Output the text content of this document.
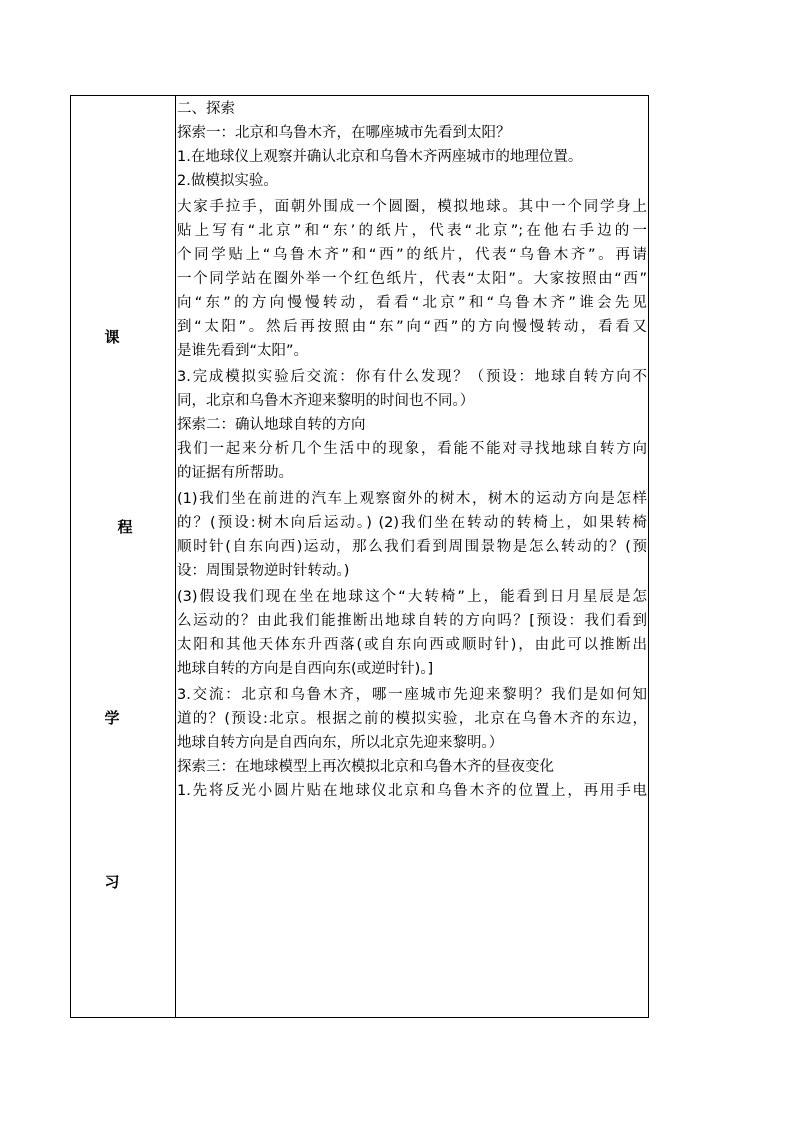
课
程
学
习
二、探索
探索一：北京和乌鲁木齐，在哪座城市先看到太阳？
1.在地球仪上观察并确认北京和乌鲁木齐两座城市的地理位置。
2.做模拟实验。
大家手拉手，面朝外围成一个圆圈，模拟地球。其中一个同学身上
贴上写有“北京”和“东’的纸片，代表“北京”;在他右手边的一
个同学贴上“乌鲁木齐”和“西”的纸片，代表“乌鲁木齐”。再请
一个同学站在圈外举一个红色纸片，代表“太阳”。大家按照由“西”
向“东”的方向慢慢转动，看看“北京”和“乌鲁木齐”谁会先见
到“太阳”。然后再按照由“东”向“西”的方向慢慢转动，看看又
是谁先看到“太阳”。
3.完成模拟实验后交流：你有什么发现？（预设：地球自转方向不
同，北京和乌鲁木齐迎来黎明的时间也不同。）
探索二：确认地球自转的方向
我们一起来分析几个生活中的现象，看能不能对寻找地球自转方向
的证据有所帮助。
(1)我们坐在前进的汽车上观察窗外的树木，树木的运动方向是怎样
的？(预设:树木向后运动。) (2)我们坐在转动的转椅上，如果转椅
顺时针(自东向西)运动，那么我们看到周围景物是怎么转动的？(预
设：周围景物逆时针转动。)
(3)假设我们现在坐在地球这个“大转椅”上，能看到日月星辰是怎
么运动的？由此我们能推断出地球自转的方向吗？[预设：我们看到
太阳和其他天体东升西落(或自东向西或顺时针)，由此可以推断出
地球自转的方向是自西向东(或逆时针)。]
3.交流：北京和乌鲁木齐，哪一座城市先迎来黎明？我们是如何知
道的？(预设:北京。根据之前的模拟实验，北京在乌鲁木齐的东边，
地球自转方向是自西向东，所以北京先迎来黎明。）
探索三：在地球模型上再次模拟北京和乌鲁木齐的昼夜变化
1.先将反光小圆片贴在地球仪北京和乌鲁木齐的位置上，再用手电
